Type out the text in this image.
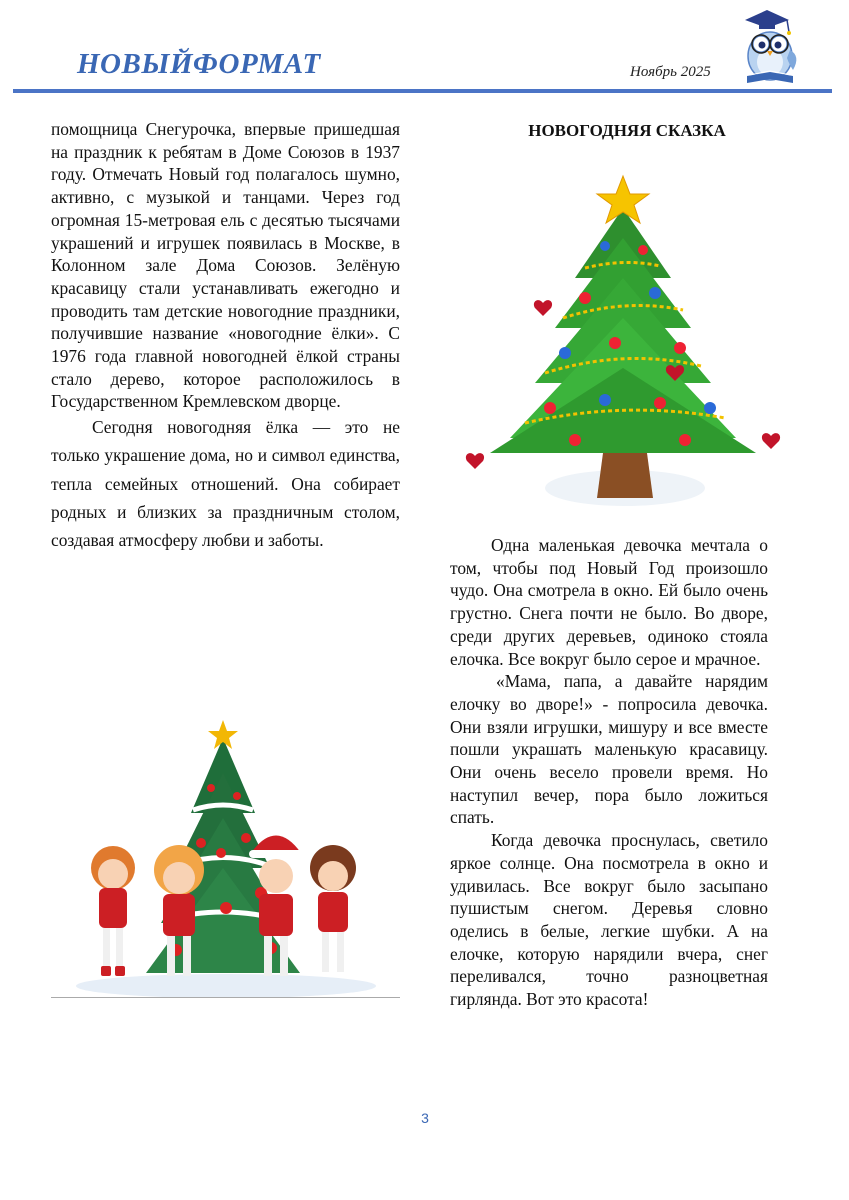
НОВЫЙФОРМАТ	Ноябрь 2025

помощница Снегурочка, впервые пришедшая на праздник к ребятам в Доме Союзов в 1937 году. Отмечать Новый год полагалось шумно, активно, с музыкой и танцами. Через год огромная 15-метровая ель с десятью тысячами украшений и игрушек появилась в Москве, в Колонном зале Дома Союзов. Зелёную красавицу стали устанавливать ежегодно и проводить там детские новогодние праздники, получившие название «новогодние ёлки». С 1976 года главной новогодней ёлкой страны стало дерево, которое расположилось в Государственном Кремлевском дворце.

Сегодня новогодняя ёлка — это не только украшение дома, но и символ единства, тепла семейных отношений. Она собирает родных и близких за праздничным столом, создавая атмосферу любви и заботы.

НОВОГОДНЯЯ СКАЗКА

Одна маленькая девочка мечтала о том, чтобы под Новый Год произошло чудо. Она смотрела в окно. Ей было очень грустно. Снега почти не было. Во дворе, среди других деревьев, одиноко стояла елочка. Все вокруг было серое и мрачное.

«Мама, папа, а давайте нарядим елочку во дворе!» - попросила девочка. Они взяли игрушки, мишуру и все вместе пошли украшать маленькую красавицу. Они очень весело провели время. Но наступил вечер, пора было ложиться спать.

Когда девочка проснулась, светило яркое солнце. Она посмотрела в окно и удивилась. Все вокруг было засыпано пушистым снегом. Деревья словно оделись в белые, легкие шубки. А на елочке, которую нарядили вчера, снег переливался, точно разноцветная гирлянда. Вот это красота!

3
